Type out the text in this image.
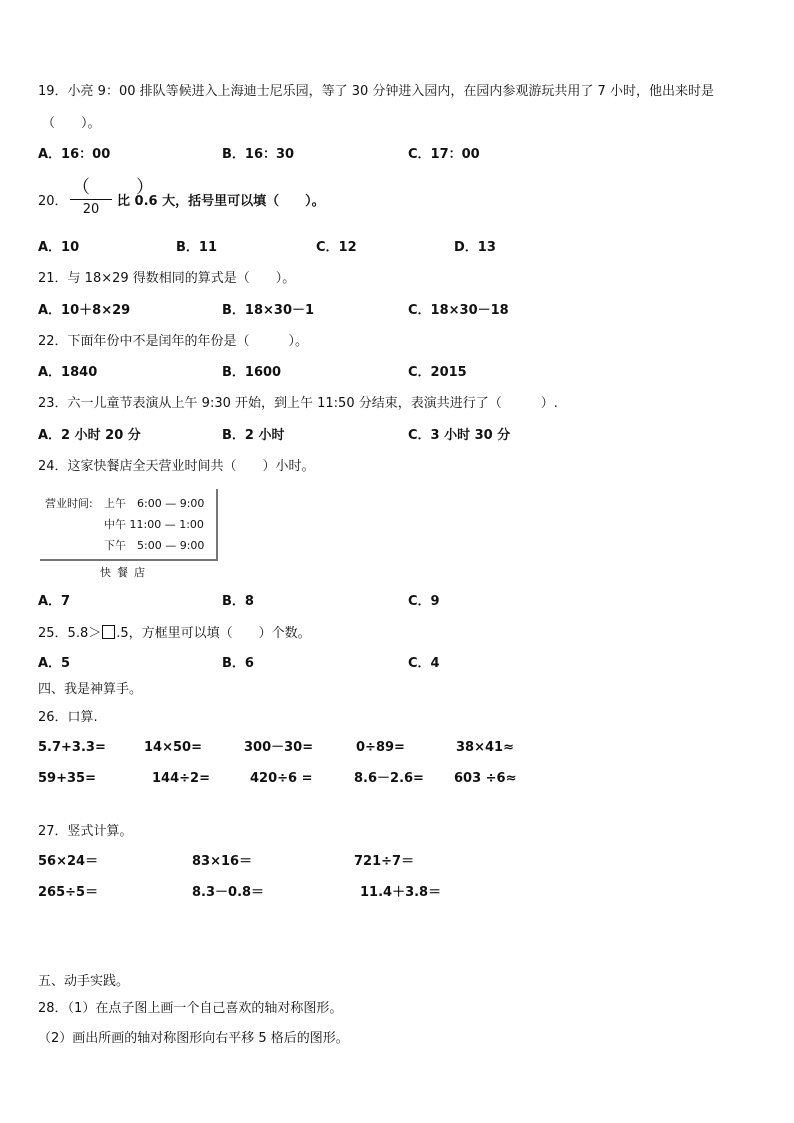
19．小亮 9：00 排队等候进入上海迪士尼乐园，等了 30 分钟进入园内，在园内参观游玩共用了 7 小时，他出来时是
（　　）。
A．16：00	B．16：30	C．17：00
20．
（　）
20
比 0.6 大，括号里可以填（　　）。
A．10	B．11	C．12	D．13
21．与 18×29 得数相同的算式是（　　）。
A．10＋8×29	B．18×30－1	C．18×30－18
22．下面年份中不是闰年的年份是（　　　）。
A．1840	B．1600	C．2015
23．六一儿童节表演从上午 9:30 开始，到上午 11:50 分结束，表演共进行了（　　　）.
A．2 小时 20 分	B．2 小时	C．3 小时 30 分
24．这家快餐店全天营业时间共（　　）小时。
营业时间: 上午　6:00 — 9:00
中午 11:00 — 1:00
下午　5:00 — 9:00
快餐店
A．7	B．8	C．9
25．5.8＞ .5，方框里可以填（　　）个数。
A．5	B．6	C．4
四、我是神算手。
26．口算.
5.7+3.3=	14×50=	300－30=	0÷89=	38×41≈
59+35=	144÷2=	420÷6 =	8.6－2.6= 603 ÷6≈
27．竖式计算。
56×24＝	83×16＝	721÷7＝
265÷5＝	8.3－0.8＝	11.4＋3.8＝
五、动手实践。
28．（1）在点子图上画一个自己喜欢的轴对称图形。
（2）画出所画的轴对称图形向右平移 5 格后的图形。
